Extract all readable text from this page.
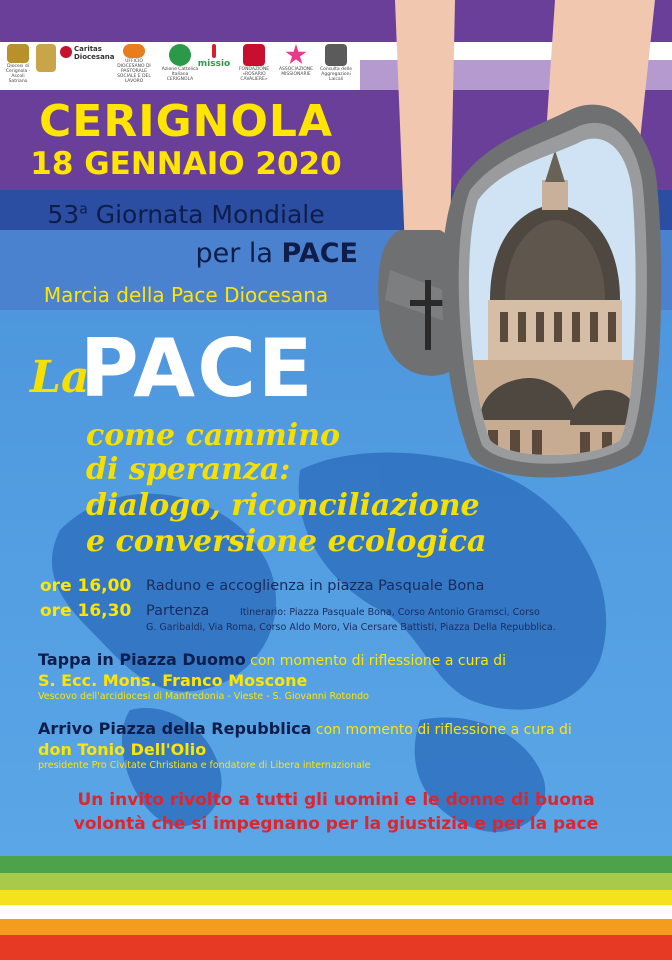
Diocesi di Cerignola · Ascoli Satriano
Caritas Diocesana
UFFICIO DIOCESANO DI PASTORALE SOCIALE E DEL LAVORO
Azione Cattolica Italiana CERIGNOLA
missio
FONDAZIONE «ROSARIO CAVALIERE»
ASSOCIAZIONE MISSIONARIE
Consulta delle Aggregazioni Laicali
CERIGNOLA
18 GENNAIO 2020
53$^a$ Giornata Mondiale
per la PACE
Marcia della Pace Diocesana
La
PACE
come cammino
di speranza:
dialogo, riconciliazione
e conversione ecologica
ore 16,00 Raduno e accoglienza in piazza Pasquale Bona
ore 16,30 Partenza	Itinerario: Piazza Pasquale Bona, Corso Antonio Gramsci, Corso
G. Garibaldi, Via Roma, Corso Aldo Moro, Via Cersare Battisti, Piazza Della Repubblica.
Tappa in Piazza Duomo con momento di riflessione a cura di
S. Ecc. Mons. Franco Moscone
Vescovo dell'arcidiocesi di Manfredonia - Vieste - S. Giovanni Rotondo
Arrivo Piazza della Repubblica con momento di riflessione a cura di
don Tonio Dell'Olio
presidente Pro Civitate Christiana e fondatore di Libera internazionale
Un invito rivolto a tutti gli uomini e le donne di buona
volontà che si impegnano per la giustizia e per la pace
